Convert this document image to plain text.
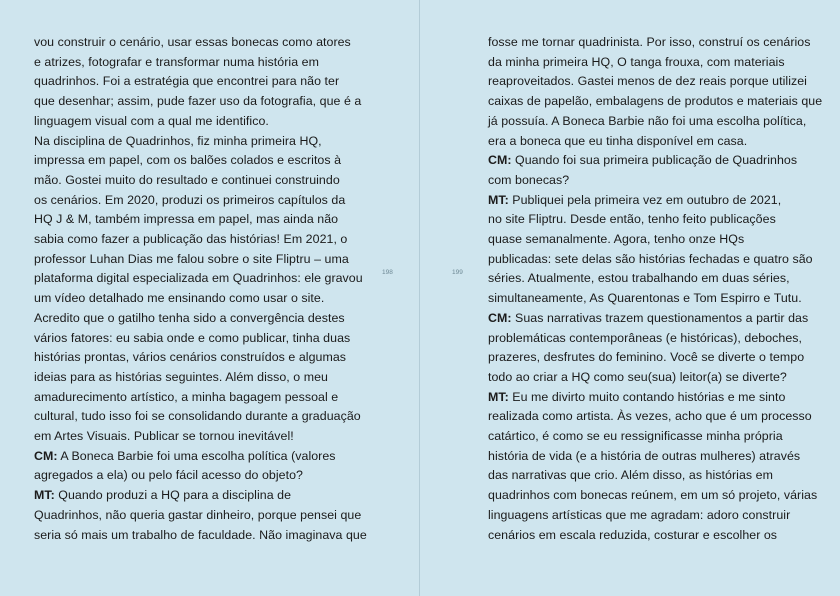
vou construir o cenário, usar essas bonecas como atores
e atrizes, fotografar e transformar numa história em
quadrinhos. Foi a estratégia que encontrei para não ter
que desenhar; assim, pude fazer uso da fotografia, que é a
linguagem visual com a qual me identifico.
Na disciplina de Quadrinhos, fiz minha primeira HQ,
impressa em papel, com os balões colados e escritos à
mão. Gostei muito do resultado e continuei construindo
os cenários. Em 2020, produzi os primeiros capítulos da
HQ J & M, também impressa em papel, mas ainda não
sabia como fazer a publicação das histórias! Em 2021, o
professor Luhan Dias me falou sobre o site Fliptru – uma
plataforma digital especializada em Quadrinhos: ele gravou
um vídeo detalhado me ensinando como usar o site.
Acredito que o gatilho tenha sido a convergência destes
vários fatores: eu sabia onde e como publicar, tinha duas
histórias prontas, vários cenários construídos e algumas
ideias para as histórias seguintes. Além disso, o meu
amadurecimento artístico, a minha bagagem pessoal e
cultural, tudo isso foi se consolidando durante a graduação
em Artes Visuais. Publicar se tornou inevitável!
CM: A Boneca Barbie foi uma escolha política (valores
agregados a ela) ou pelo fácil acesso do objeto?
MT: Quando produzi a HQ para a disciplina de
Quadrinhos, não queria gastar dinheiro, porque pensei que
seria só mais um trabalho de faculdade. Não imaginava que
fosse me tornar quadrinista. Por isso, construí os cenários
da minha primeira HQ, O tanga frouxa, com materiais
reaproveitados. Gastei menos de dez reais porque utilizei
caixas de papelão, embalagens de produtos e materiais que
já possuía. A Boneca Barbie não foi uma escolha política,
era a boneca que eu tinha disponível em casa.
CM: Quando foi sua primeira publicação de Quadrinhos
com bonecas?
MT: Publiquei pela primeira vez em outubro de 2021,
no site Fliptru. Desde então, tenho feito publicações
quase semanalmente. Agora, tenho onze HQs
publicadas: sete delas são histórias fechadas e quatro são
séries. Atualmente, estou trabalhando em duas séries,
simultaneamente, As Quarentonas e Tom Espirro e Tutu.
CM: Suas narrativas trazem questionamentos a partir das
problemáticas contemporâneas (e históricas), deboches,
prazeres, desfrutes do feminino. Você se diverte o tempo
todo ao criar a HQ como seu(sua) leitor(a) se diverte?
MT: Eu me divirto muito contando histórias e me sinto
realizada como artista. Às vezes, acho que é um processo
catártico, é como se eu ressignificasse minha própria
história de vida (e a história de outras mulheres) através
das narrativas que crio. Além disso, as histórias em
quadrinhos com bonecas reúnem, em um só projeto, várias
linguagens artísticas que me agradam: adoro construir
cenários em escala reduzida, costurar e escolher os
198	199
